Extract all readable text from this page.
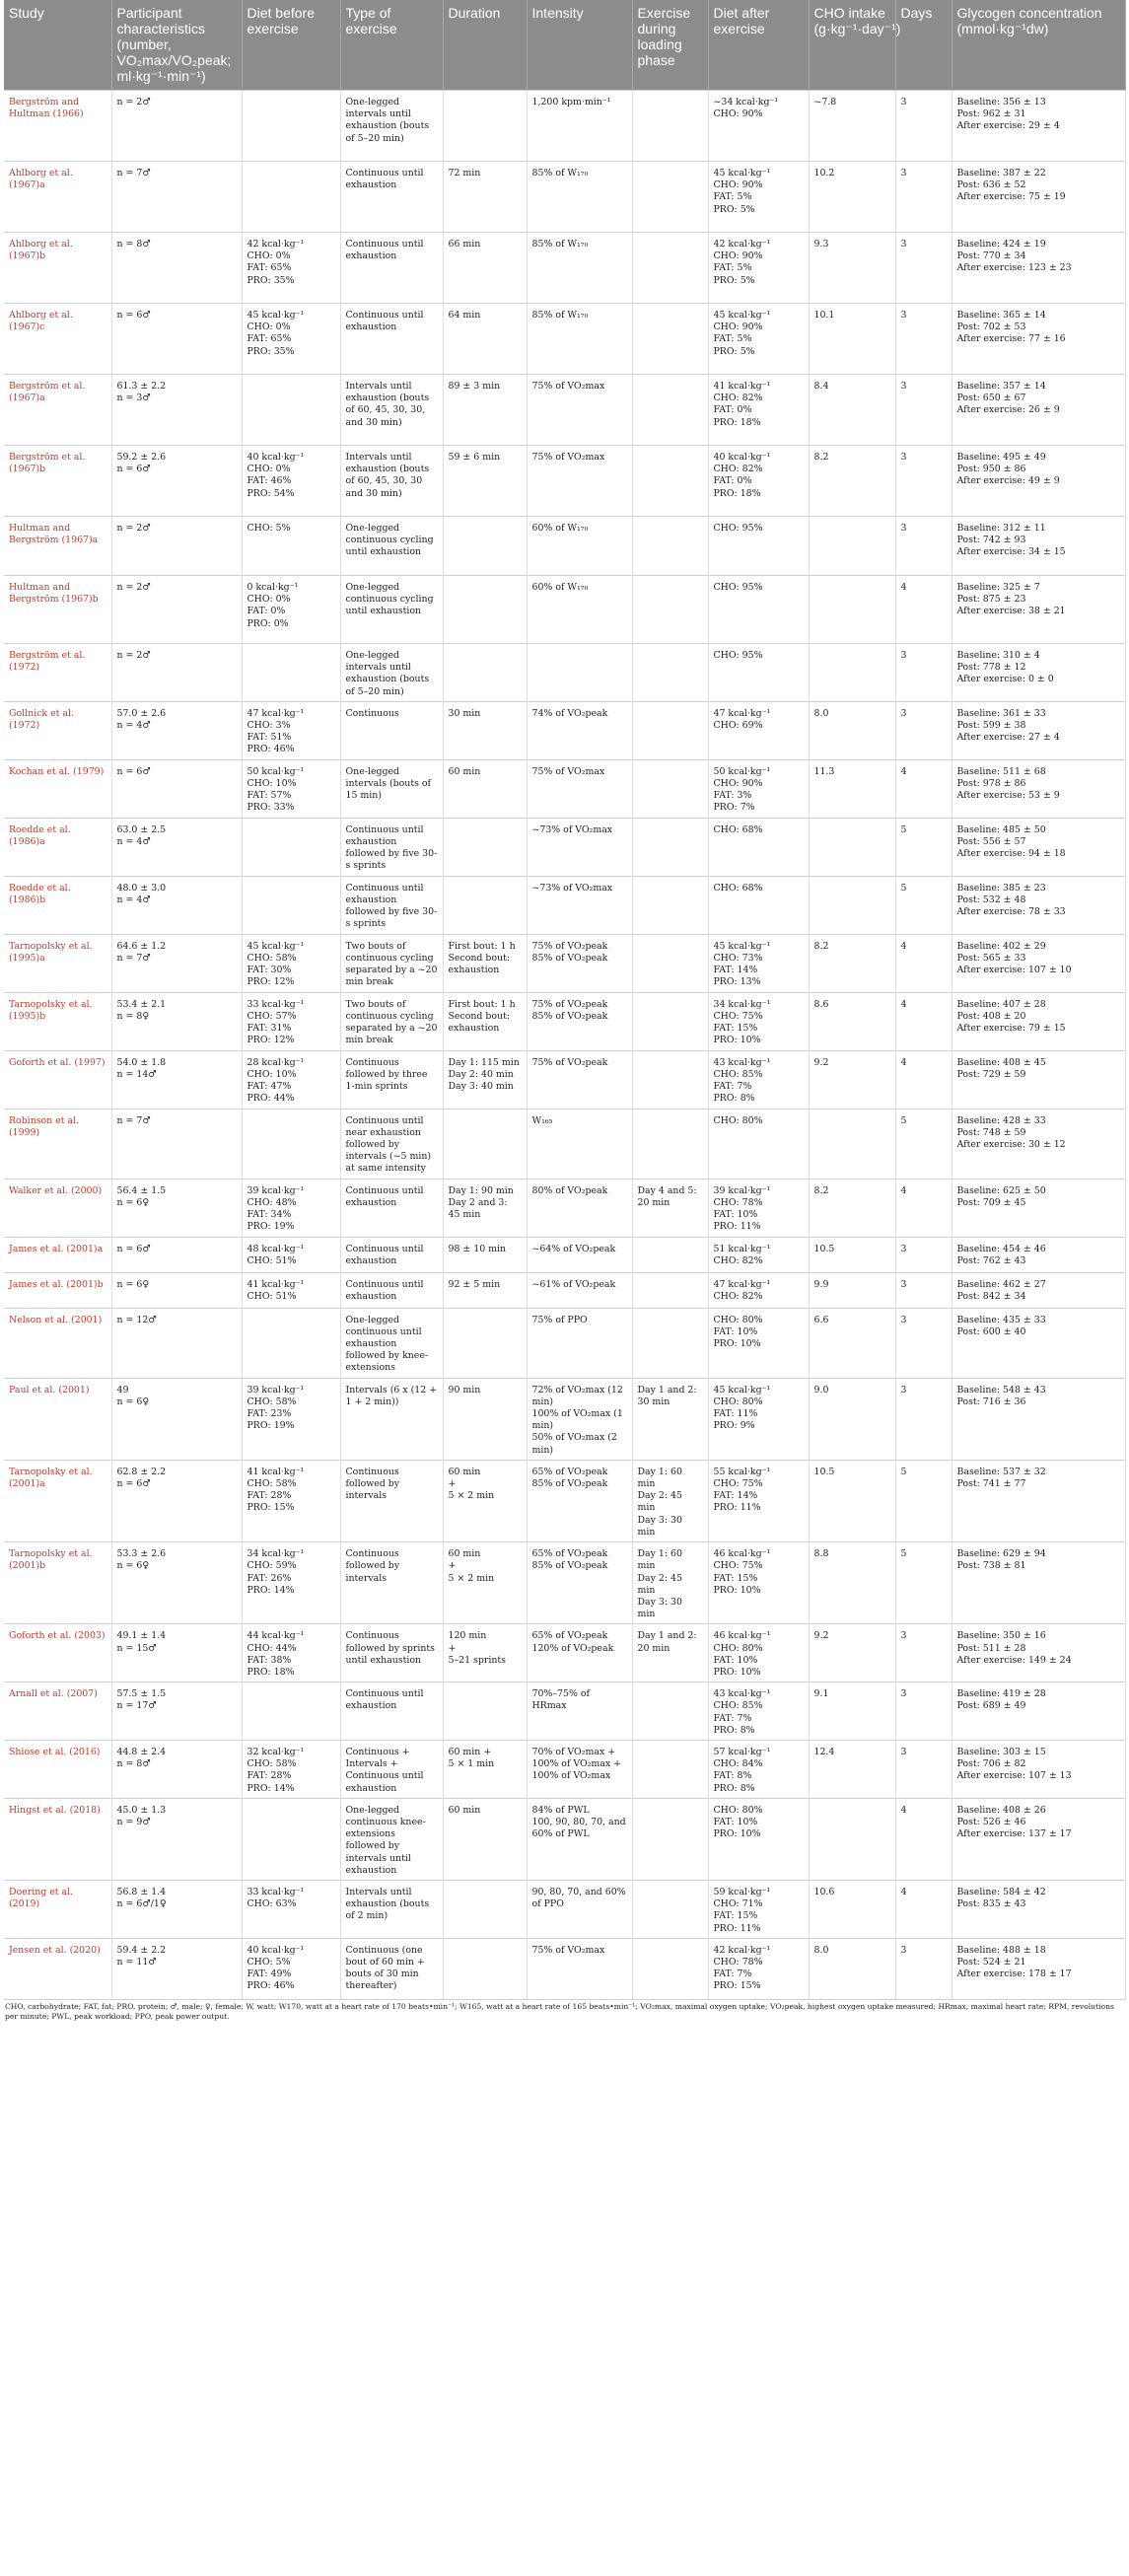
Study	Participant characteristics (number, VO₂max/VO₂peak; ml·kg⁻¹·min⁻¹)	Diet before exercise	Type of exercise	Duration	Intensity	Exercise during loading phase	Diet after exercise	CHO intake (g·kg⁻¹·day⁻¹)	Days	Glycogen concentration (mmol·kg⁻¹dw)

Bergström and Hultman (1966)	n = 2♂		One-legged intervals until exhaustion (bouts of 5–20 min)		1,200 kpm·min⁻¹		~34 kcal·kg⁻¹
CHO: 90%	~7.8	3	Baseline: 356 ± 13
Post: 962 ± 31
After exercise: 29 ± 4

Ahlborg et al. (1967)a	n = 7♂		Continuous until exhaustion	72 min	85% of W₁₇₀		45 kcal·kg⁻¹
CHO: 90%
FAT: 5%
PRO: 5%	10.2	3	Baseline: 387 ± 22
Post: 636 ± 52
After exercise: 75 ± 19

Ahlborg et al. (1967)b	n = 8♂	42 kcal·kg⁻¹
CHO: 0%
FAT: 65%
PRO: 35%	Continuous until exhaustion	66 min	85% of W₁₇₀		42 kcal·kg⁻¹
CHO: 90%
FAT: 5%
PRO: 5%	9.3	3	Baseline: 424 ± 19
Post: 770 ± 34
After exercise: 123 ± 23

Ahlborg et al. (1967)c	n = 6♂	45 kcal·kg⁻¹
CHO: 0%
FAT: 65%
PRO: 35%	Continuous until exhaustion	64 min	85% of W₁₇₀		45 kcal·kg⁻¹
CHO: 90%
FAT: 5%
PRO: 5%	10.1	3	Baseline: 365 ± 14
Post: 702 ± 53
After exercise: 77 ± 16

Bergström et al. (1967)a	61.3 ± 2.2
n = 3♂		Intervals until exhaustion (bouts of 60, 45, 30, 30, and 30 min)	89 ± 3 min	75% of VO₂max		41 kcal·kg⁻¹
CHO: 82%
FAT: 0%
PRO: 18%	8.4	3	Baseline: 357 ± 14
Post: 650 ± 67
After exercise: 26 ± 9

Bergström et al. (1967)b	59.2 ± 2.6
n = 6♂	40 kcal·kg⁻¹
CHO: 0%
FAT: 46%
PRO: 54%	Intervals until exhaustion (bouts of 60, 45, 30, 30 and 30 min)	59 ± 6 min	75% of VO₂max		40 kcal·kg⁻¹
CHO: 82%
FAT: 0%
PRO: 18%	8.2	3	Baseline: 495 ± 49
Post: 950 ± 86
After exercise: 49 ± 9

Hultman and Bergström (1967)a	n = 2♂	CHO: 5%	One-legged continuous cycling until exhaustion		60% of W₁₇₀		CHO: 95%		3	Baseline: 312 ± 11
Post: 742 ± 93
After exercise: 34 ± 15

Hultman and Bergström (1967)b	n = 2♂	0 kcal·kg⁻¹
CHO: 0%
FAT: 0%
PRO: 0%	One-legged continuous cycling until exhaustion		60% of W₁₇₀		CHO: 95%		4	Baseline: 325 ± 7
Post: 875 ± 23
After exercise: 38 ± 21

Bergström et al. (1972)	n = 2♂		One-legged intervals until exhaustion (bouts of 5–20 min)				CHO: 95%		3	Baseline: 310 ± 4
Post: 778 ± 12
After exercise: 0 ± 0

Gollnick et al. (1972)	57.0 ± 2.6
n = 4♂	47 kcal·kg⁻¹
CHO: 3%
FAT: 51%
PRO: 46%	Continuous	30 min	74% of VO₂peak		47 kcal·kg⁻¹
CHO: 69%	8.0	3	Baseline: 361 ± 33
Post: 599 ± 38
After exercise: 27 ± 4

Kochan et al. (1979)	n = 6♂	50 kcal·kg⁻¹
CHO: 10%
FAT: 57%
PRO: 33%	One-legged intervals (bouts of 15 min)	60 min	75% of VO₂max		50 kcal·kg⁻¹
CHO: 90%
FAT: 3%
PRO: 7%	11.3	4	Baseline: 511 ± 68
Post: 978 ± 86
After exercise: 53 ± 9

Roedde et al. (1986)a	63.0 ± 2.5
n = 4♂		Continuous until exhaustion followed by five 30-s sprints		~73% of VO₂max		CHO: 68%		5	Baseline: 485 ± 50
Post: 556 ± 57
After exercise: 94 ± 18

Roedde et al. (1986)b	48.0 ± 3.0
n = 4♂		Continuous until exhaustion followed by five 30-s sprints		~73% of VO₂max		CHO: 68%		5	Baseline: 385 ± 23
Post: 532 ± 48
After exercise: 78 ± 33

Tarnopolsky et al. (1995)a	64.6 ± 1.2
n = 7♂	45 kcal·kg⁻¹
CHO: 58%
FAT: 30%
PRO: 12%	Two bouts of continuous cycling separated by a ~20 min break	First bout: 1 h
Second bout: exhaustion	75% of VO₂peak
85% of VO₂peak		45 kcal·kg⁻¹
CHO: 73%
FAT: 14%
PRO: 13%	8.2	4	Baseline: 402 ± 29
Post: 565 ± 33
After exercise: 107 ± 10

Tarnopolsky et al. (1995)b	53.4 ± 2.1
n = 8♀	33 kcal·kg⁻¹
CHO: 57%
FAT: 31%
PRO: 12%	Two bouts of continuous cycling separated by a ~20 min break	First bout: 1 h
Second bout: exhaustion	75% of VO₂peak
85% of VO₂peak		34 kcal·kg⁻¹
CHO: 75%
FAT: 15%
PRO: 10%	8.6	4	Baseline: 407 ± 28
Post: 408 ± 20
After exercise: 79 ± 15

Goforth et al. (1997)	54.0 ± 1.8
n = 14♂	28 kcal·kg⁻¹
CHO: 10%
FAT: 47%
PRO: 44%	Continuous followed by three 1-min sprints	Day 1: 115 min
Day 2: 40 min
Day 3: 40 min	75% of VO₂peak		43 kcal·kg⁻¹
CHO: 85%
FAT: 7%
PRO: 8%	9.2	4	Baseline: 408 ± 45
Post: 729 ± 59

Robinson et al. (1999)	n = 7♂		Continuous until near exhaustion followed by intervals (~5 min) at same intensity		W₁₆₅		CHO: 80%		5	Baseline: 428 ± 33
Post: 748 ± 59
After exercise: 30 ± 12

Walker et al. (2000)	56.4 ± 1.5
n = 6♀	39 kcal·kg⁻¹
CHO: 48%
FAT: 34%
PRO: 19%	Continuous until exhaustion	Day 1: 90 min
Day 2 and 3: 45 min	80% of VO₂peak	Day 4 and 5: 20 min	39 kcal·kg⁻¹
CHO: 78%
FAT: 10%
PRO: 11%	8.2	4	Baseline: 625 ± 50
Post: 709 ± 45

James et al. (2001)a	n = 6♂	48 kcal·kg⁻¹
CHO: 51%	Continuous until exhaustion	98 ± 10 min	~64% of VO₂peak		51 kcal·kg⁻¹
CHO: 82%	10.5	3	Baseline: 454 ± 46
Post: 762 ± 43

James et al. (2001)b	n = 6♀	41 kcal·kg⁻¹
CHO: 51%	Continuous until exhaustion	92 ± 5 min	~61% of VO₂peak		47 kcal·kg⁻¹
CHO: 82%	9.9	3	Baseline: 462 ± 27
Post: 842 ± 34

Nelson et al. (2001)	n = 12♂		One-legged continuous until exhaustion followed by knee-extensions		75% of PPO		CHO: 80%
FAT: 10%
PRO: 10%	6.6	3	Baseline: 435 ± 33
Post: 600 ± 40

Paul et al. (2001)	49
n = 6♀	39 kcal·kg⁻¹
CHO: 58%
FAT: 23%
PRO: 19%	Intervals (6 x (12 + 1 + 2 min))	90 min	72% of VO₂max (12 min)
100% of VO₂max (1 min)
50% of VO₂max (2 min)	Day 1 and 2: 30 min	45 kcal·kg⁻¹
CHO: 80%
FAT: 11%
PRO: 9%	9.0	3	Baseline: 548 ± 43
Post: 716 ± 36

Tarnopolsky et al. (2001)a	62.8 ± 2.2
n = 6♂	41 kcal·kg⁻¹
CHO: 58%
FAT: 28%
PRO: 15%	Continuous followed by intervals	60 min
+
5 × 2 min	65% of VO₂peak
85% of VO₂peak	Day 1: 60 min
Day 2: 45 min
Day 3: 30 min	55 kcal·kg⁻¹
CHO: 75%
FAT: 14%
PRO: 11%	10.5	5	Baseline: 537 ± 32
Post: 741 ± 77

Tarnopolsky et al. (2001)b	53.3 ± 2.6
n = 6♀	34 kcal·kg⁻¹
CHO: 59%
FAT: 26%
PRO: 14%	Continuous followed by intervals	60 min
+
5 × 2 min	65% of VO₂peak
85% of VO₂peak	Day 1: 60 min
Day 2: 45 min
Day 3: 30 min	46 kcal·kg⁻¹
CHO: 75%
FAT: 15%
PRO: 10%	8.8	5	Baseline: 629 ± 94
Post: 738 ± 81

Goforth et al. (2003)	49.1 ± 1.4
n = 15♂	44 kcal·kg⁻¹
CHO: 44%
FAT: 38%
PRO: 18%	Continuous followed by sprints until exhaustion	120 min
+
5–21 sprints	65% of VO₂peak
120% of VO₂peak	Day 1 and 2: 20 min	46 kcal·kg⁻¹
CHO: 80%
FAT: 10%
PRO: 10%	9.2	3	Baseline: 350 ± 16
Post: 511 ± 28
After exercise: 149 ± 24

Arnall et al. (2007)	57.5 ± 1.5
n = 17♂		Continuous until exhaustion		70%–75% of HRmax		43 kcal·kg⁻¹
CHO: 85%
FAT: 7%
PRO: 8%	9.1	3	Baseline: 419 ± 28
Post: 689 ± 49

Shiose et al. (2016)	44.8 ± 2.4
n = 8♂	32 kcal·kg⁻¹
CHO: 58%
FAT: 28%
PRO: 14%	Continuous + Intervals + Continuous until exhaustion	60 min +
5 × 1 min	70% of VO₂max +
100% of VO₂max +
100% of VO₂max		57 kcal·kg⁻¹
CHO: 84%
FAT: 8%
PRO: 8%	12.4	3	Baseline: 303 ± 15
Post: 706 ± 82
After exercise: 107 ± 13

Hingst et al. (2018)	45.0 ± 1.3
n = 9♂		One-legged continuous knee-extensions followed by intervals until exhaustion	60 min	84% of PWL
100, 90, 80, 70, and 60% of PWL		CHO: 80%
FAT: 10%
PRO: 10%		4	Baseline: 408 ± 26
Post: 526 ± 46
After exercise: 137 ± 17

Doering et al. (2019)	56.8 ± 1.4
n = 6♂/1♀	33 kcal·kg⁻¹
CHO: 63%	Intervals until exhaustion (bouts of 2 min)		90, 80, 70, and 60% of PPO		59 kcal·kg⁻¹
CHO: 71%
FAT: 15%
PRO: 11%	10.6	4	Baseline: 584 ± 42
Post: 835 ± 43

Jensen et al. (2020)	59.4 ± 2.2
n = 11♂	40 kcal·kg⁻¹
CHO: 5%
FAT: 49%
PRO: 46%	Continuous (one bout of 60 min + bouts of 30 min thereafter)		75% of VO₂max		42 kcal·kg⁻¹
CHO: 78%
FAT: 7%
PRO: 15%	8.0	3	Baseline: 488 ± 18
Post: 524 ± 21
After exercise: 178 ± 17
CHO, carbohydrate; FAT, fat; PRO, protein; ♂, male; ♀, female; W, watt; W170, watt at a heart rate of 170 beats•min⁻¹; W165, watt at a heart rate of 165 beats•min⁻¹; VO₂max, maximal oxygen uptake; VO₂peak, highest oxygen uptake measured; HRmax, maximal heart rate; RPM, revolutions per minute; PWL, peak workload; PPO, peak power output.
